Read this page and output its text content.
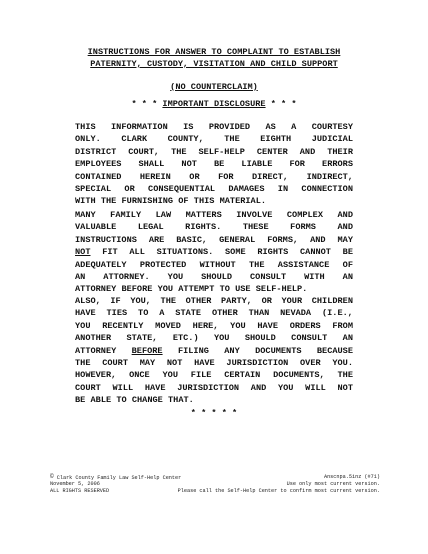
INSTRUCTIONS FOR ANSWER TO COMPLAINT TO ESTABLISH
PATERNITY, CUSTODY, VISITATION AND CHILD SUPPORT
(NO COUNTERCLAIM)
* * * IMPORTANT DISCLOSURE * * *
THIS INFORMATION IS PROVIDED AS A COURTESY
ONLY. CLARK COUNTY, THE EIGHTH JUDICIAL
DISTRICT COURT, THE SELF-HELP CENTER AND THEIR
EMPLOYEES SHALL NOT BE LIABLE FOR ERRORS
CONTAINED HEREIN OR FOR DIRECT, INDIRECT,
SPECIAL OR CONSEQUENTIAL DAMAGES IN CONNECTION
WITH THE FURNISHING OF THIS MATERIAL.
MANY FAMILY LAW MATTERS INVOLVE COMPLEX AND
VALUABLE	LEGAL	RIGHTS.	THESE	FORMS	AND
INSTRUCTIONS ARE BASIC, GENERAL FORMS, AND MAY
NOT FIT ALL SITUATIONS. SOME RIGHTS CANNOT BE
ADEQUATELY PROTECTED WITHOUT THE ASSISTANCE OF
AN ATTORNEY. YOU SHOULD CONSULT WITH AN
ATTORNEY BEFORE YOU ATTEMPT TO USE SELF-HELP.
ALSO, IF YOU, THE OTHER PARTY, OR YOUR CHILDREN
HAVE TIES TO A STATE OTHER THAN NEVADA (I.E.,
YOU RECENTLY MOVED HERE, YOU HAVE ORDERS FROM
ANOTHER STATE, ETC.) YOU SHOULD CONSULT AN
ATTORNEY BEFORE FILING ANY DOCUMENTS BECAUSE
THE COURT MAY NOT HAVE JURISDICTION OVER YOU.
HOWEVER, ONCE YOU FILE CERTAIN DOCUMENTS, THE
COURT WILL HAVE JURISDICTION AND YOU WILL NOT
BE ABLE TO CHANGE THAT.
* * * * *
© Clark County Family Law Self-Help Center	Anscnpa.5inz (#71)
November 5, 2006	Use only most current version.
ALL RIGHTS RESERVED	Please call the Self-Help Center to confirm most current version.
